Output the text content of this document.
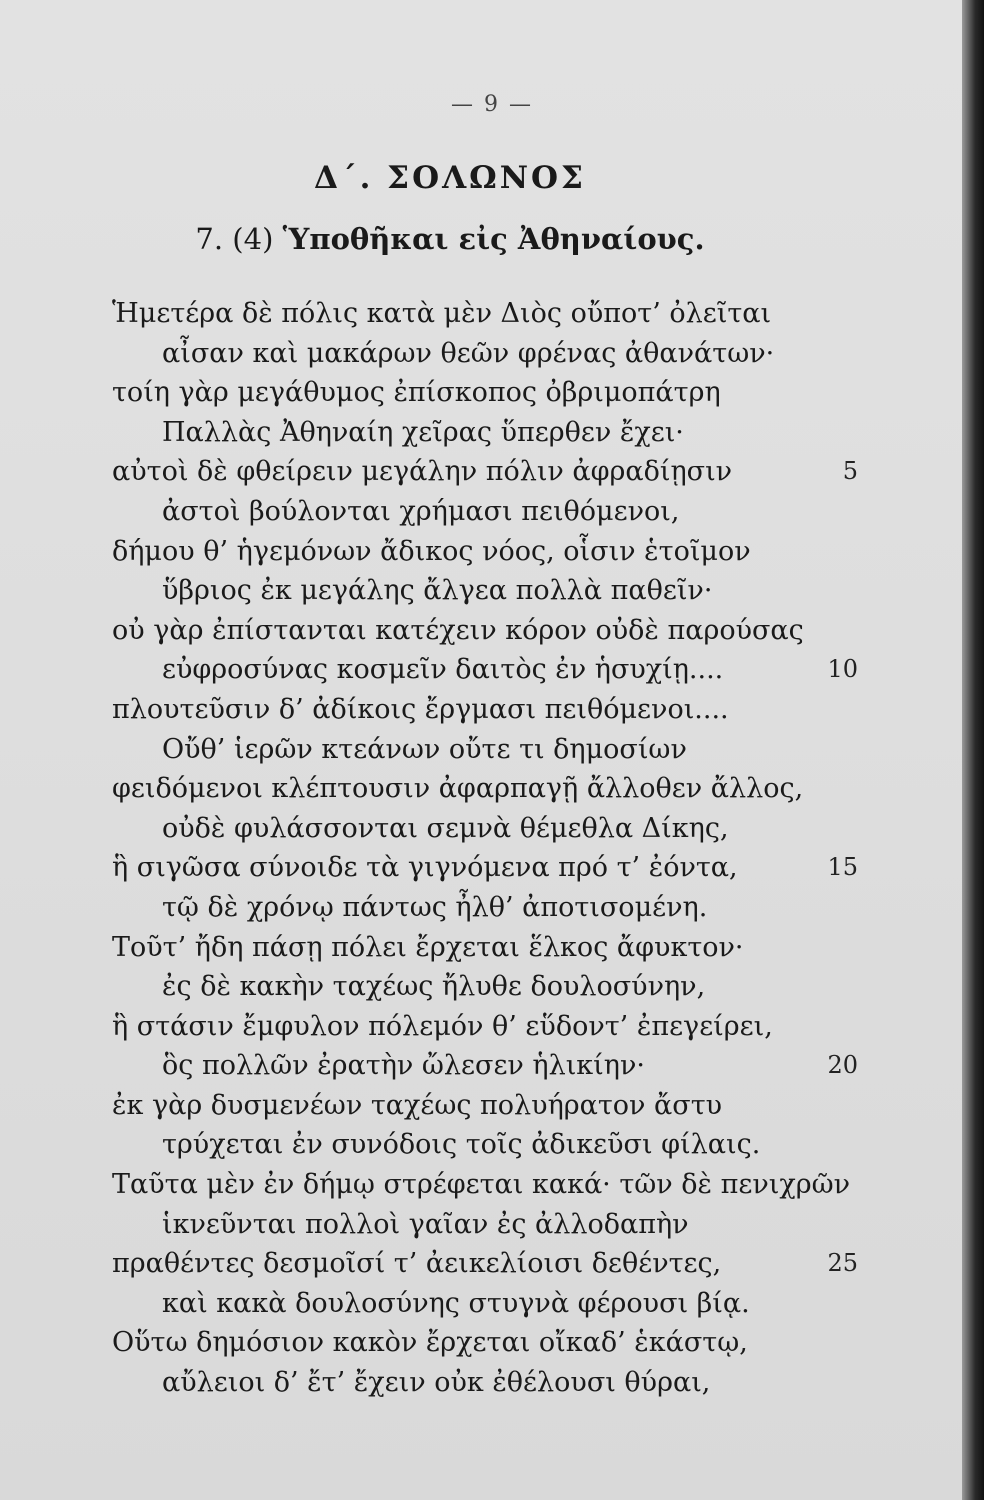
— 9 —
Δ΄. ΣΟΛΩΝΟΣ
7. (4) Ὑποθῆκαι εἰς Ἀθηναίους.
Ἡμετέρα δὲ πόλις κατὰ μὲν Διὸς οὔποτ’ ὀλεῖται
αἶσαν καὶ μακάρων θεῶν φρένας ἀθανάτων·
τοίη γὰρ μεγάθυμος ἐπίσκοπος ὀβριμοπάτρη
Παλλὰς Ἀθηναίη χεῖρας ὕπερθεν ἔχει·
αὐτοὶ δὲ φθείρειν μεγάλην πόλιν ἀφραδίῃσιν	5
ἀστοὶ βούλονται χρήμασι πειθόμενοι,
δήμου θ’ ἡγεμόνων ἄδικος νόος, οἷσιν ἑτοῖμον
ὕβριος ἐκ μεγάλης ἄλγεα πολλὰ παθεῖν·
οὐ γὰρ ἐπίστανται κατέχειν κόρον οὐδὲ παρούσας
εὐφροσύνας κοσμεῖν δαιτὸς ἐν ἡσυχίῃ....	10
πλουτεῦσιν δ’ ἀδίκοις ἔργμασι πειθόμενοι....
Οὔθ’ ἱερῶν κτεάνων οὔτε τι δημοσίων
φειδόμενοι κλέπτουσιν ἀφαρπαγῇ ἄλλοθεν ἄλλος,
οὐδὲ φυλάσσονται σεμνὰ θέμεθλα Δίκης,
ἣ σιγῶσα σύνοιδε τὰ γιγνόμενα πρό τ’ ἐόντα,	15
τῷ δὲ χρόνῳ πάντως ἦλθ’ ἀποτισομένη.
Τοῦτ’ ἤδη πάσῃ πόλει ἔρχεται ἕλκος ἄφυκτον·
ἐς δὲ κακὴν ταχέως ἤλυθε δουλοσύνην,
ἣ στάσιν ἔμφυλον πόλεμόν θ’ εὕδοντ’ ἐπεγείρει,
ὃς πολλῶν ἐρατὴν ὤλεσεν ἡλικίην·	20
ἐκ γὰρ δυσμενέων ταχέως πολυήρατον ἄστυ
τρύχεται ἐν συνόδοις τοῖς ἀδικεῦσι φίλαις.
Ταῦτα μὲν ἐν δήμῳ στρέφεται κακά· τῶν δὲ πενιχρῶν
ἱκνεῦνται πολλοὶ γαῖαν ἐς ἀλλοδαπὴν
πραθέντες δεσμοῖσί τ’ ἀεικελίοισι δεθέντες,	25
καὶ κακὰ δουλοσύνης στυγνὰ φέρουσι βίᾳ.
Οὕτω δημόσιον κακὸν ἔρχεται οἴκαδ’ ἑκάστῳ,
αὔλειοι δ’ ἔτ’ ἔχειν οὐκ ἐθέλουσι θύραι,
